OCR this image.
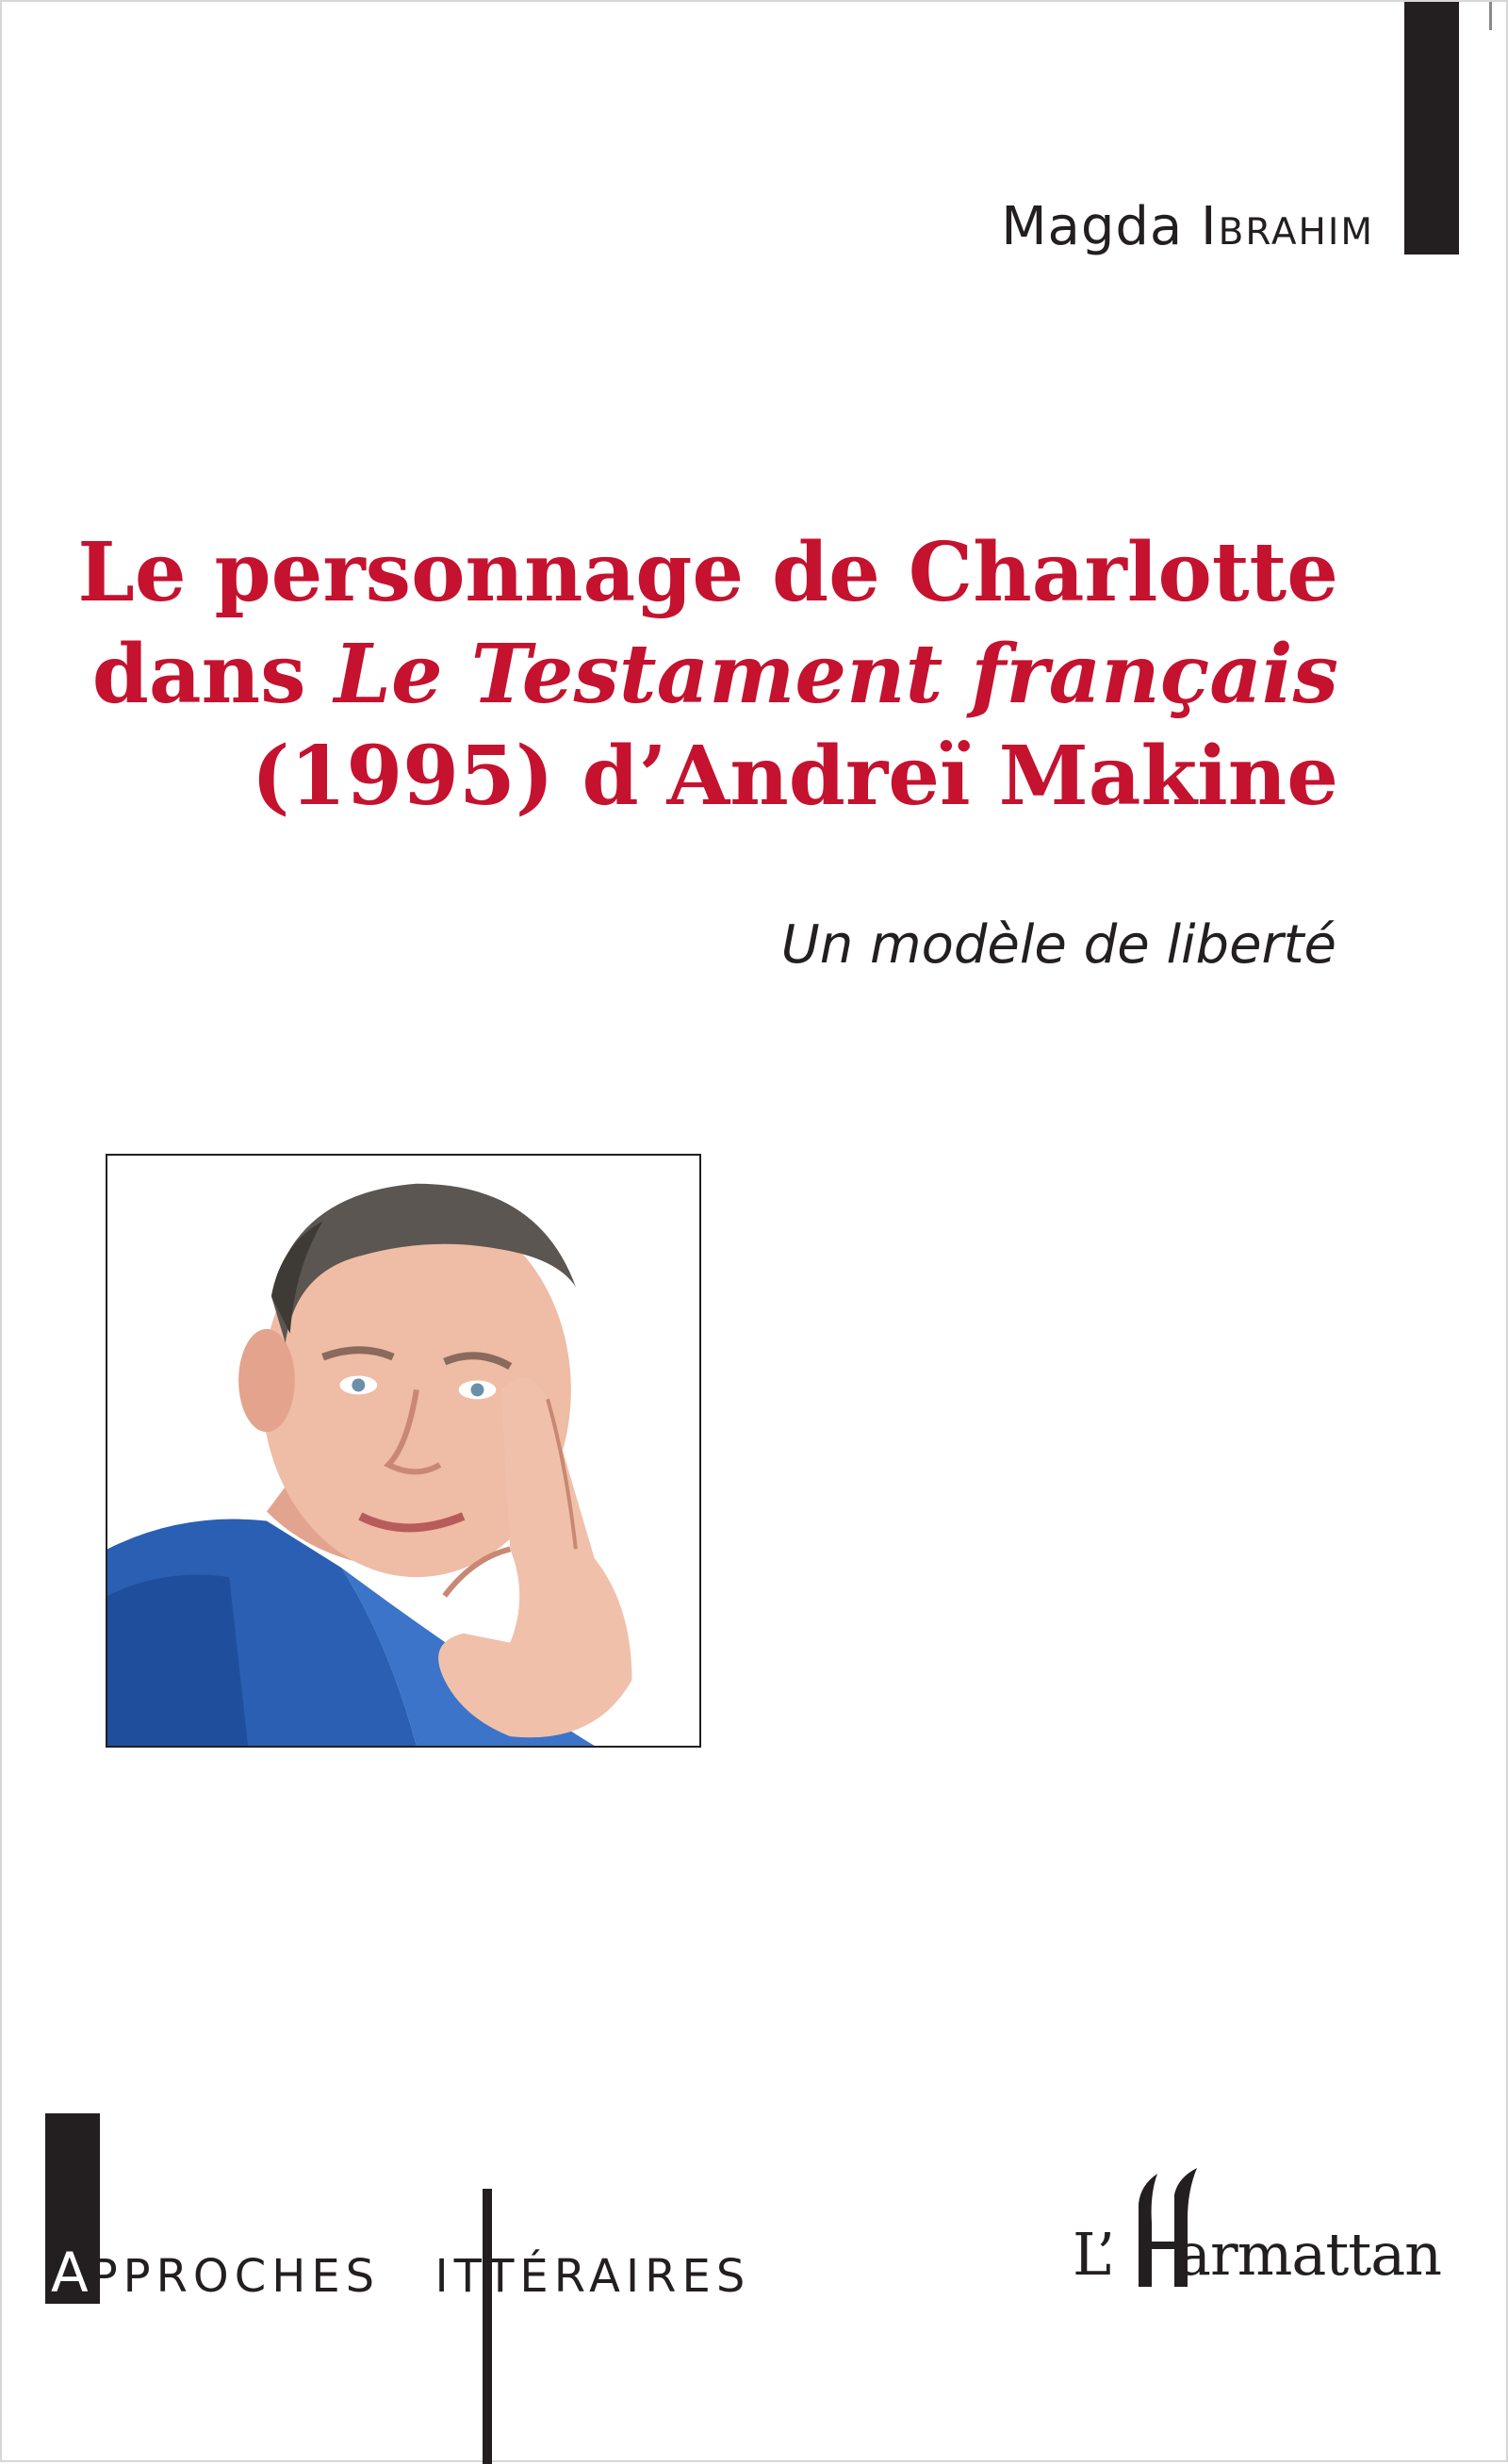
Magda Ibrahim
Le personnage de Charlotte
dans Le Testament français
(1995) d’Andreï Makine
Un modèle de liberté
APPROCHES LITTÉRAIRES	L’ armattan
